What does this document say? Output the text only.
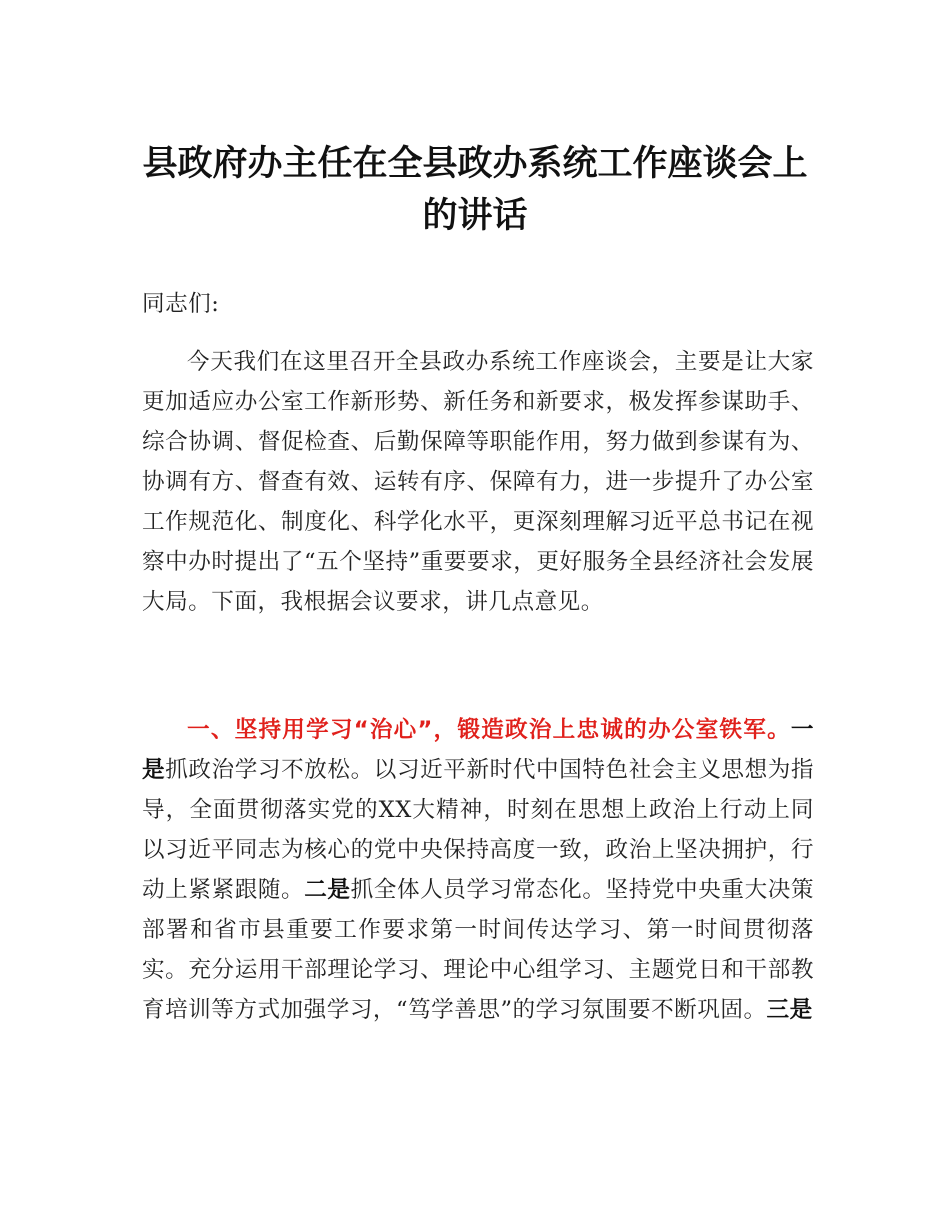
县政府办主任在全县政办系统工作座谈会上
的讲话
同志们:
今天我们在这里召开全县政办系统工作座谈会，主要是让大家更加适应办公室工作新形势、新任务和新要求，极发挥参谋助手、综合协调、督促检查、后勤保障等职能作用，努力做到参谋有为、协调有方、督查有效、运转有序、保障有力，进一步提升了办公室工作规范化、制度化、科学化水平，更深刻理解习近平总书记在视察中办时提出了“五个坚持”重要要求，更好服务全县经济社会发展大局。下面，我根据会议要求，讲几点意见。
一、坚持用学习“治心”，锻造政治上忠诚的办公室铁军。一是抓政治学习不放松。以习近平新时代中国特色社会主义思想为指导，全面贯彻落实党的XX大精神，时刻在思想上政治上行动上同以习近平同志为核心的党中央保持高度一致，政治上坚决拥护，行动上紧紧跟随。二是抓全体人员学习常态化。坚持党中央重大决策部署和省市县重要工作要求第一时间传达学习、第一时间贯彻落实。充分运用干部理论学习、理论中心组学习、主题党日和干部教育培训等方式加强学习，“笃学善思”的学习氛围要不断巩固。三是
